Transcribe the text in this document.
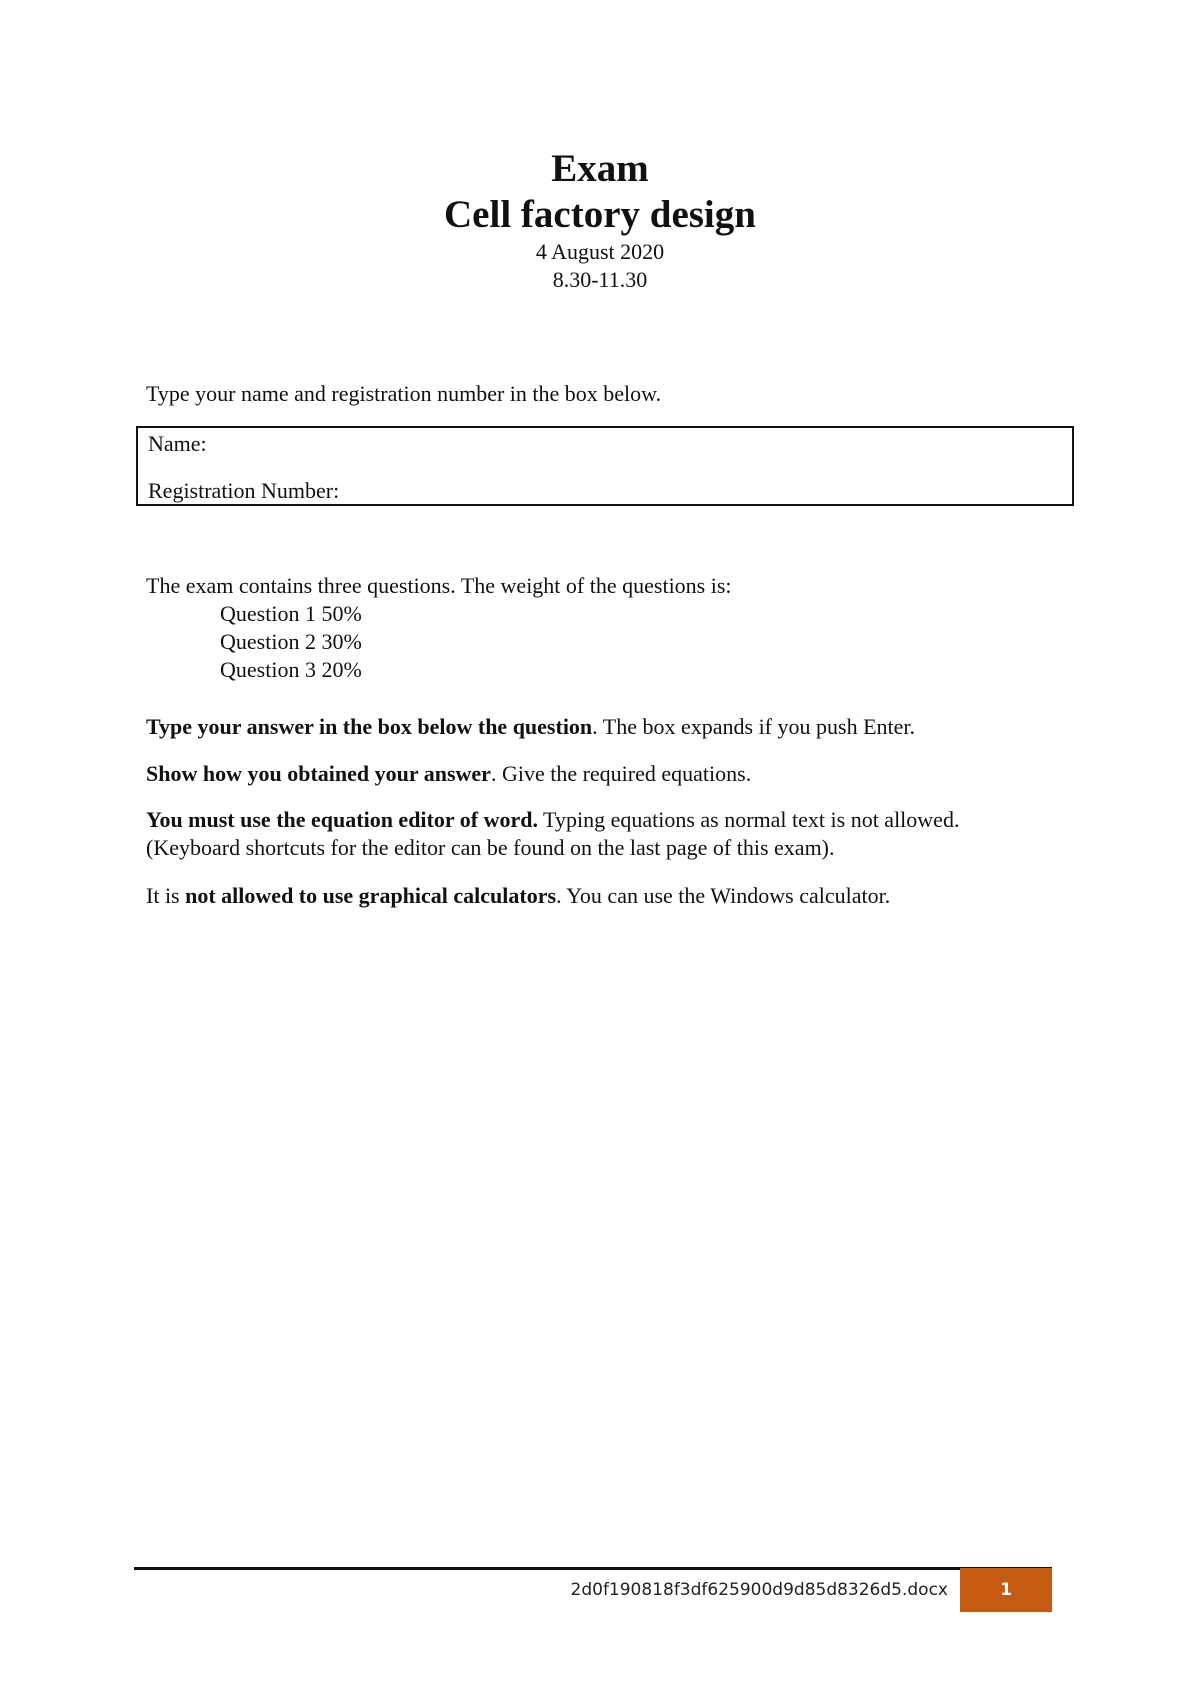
Exam
Cell factory design
4 August 2020
8.30-11.30
Type your name and registration number in the box below.
Name:
Registration Number:
The exam contains three questions. The weight of the questions is:
Question 1 50%
Question 2 30%
Question 3 20%
Type your answer in the box below the question. The box expands if you push Enter.
Show how you obtained your answer. Give the required equations.
You must use the equation editor of word. Typing equations as normal text is not allowed.
(Keyboard shortcuts for the editor can be found on the last page of this exam).
It is not allowed to use graphical calculators. You can use the Windows calculator.
2d0f190818f3df625900d9d85d8326d5.docx	1
